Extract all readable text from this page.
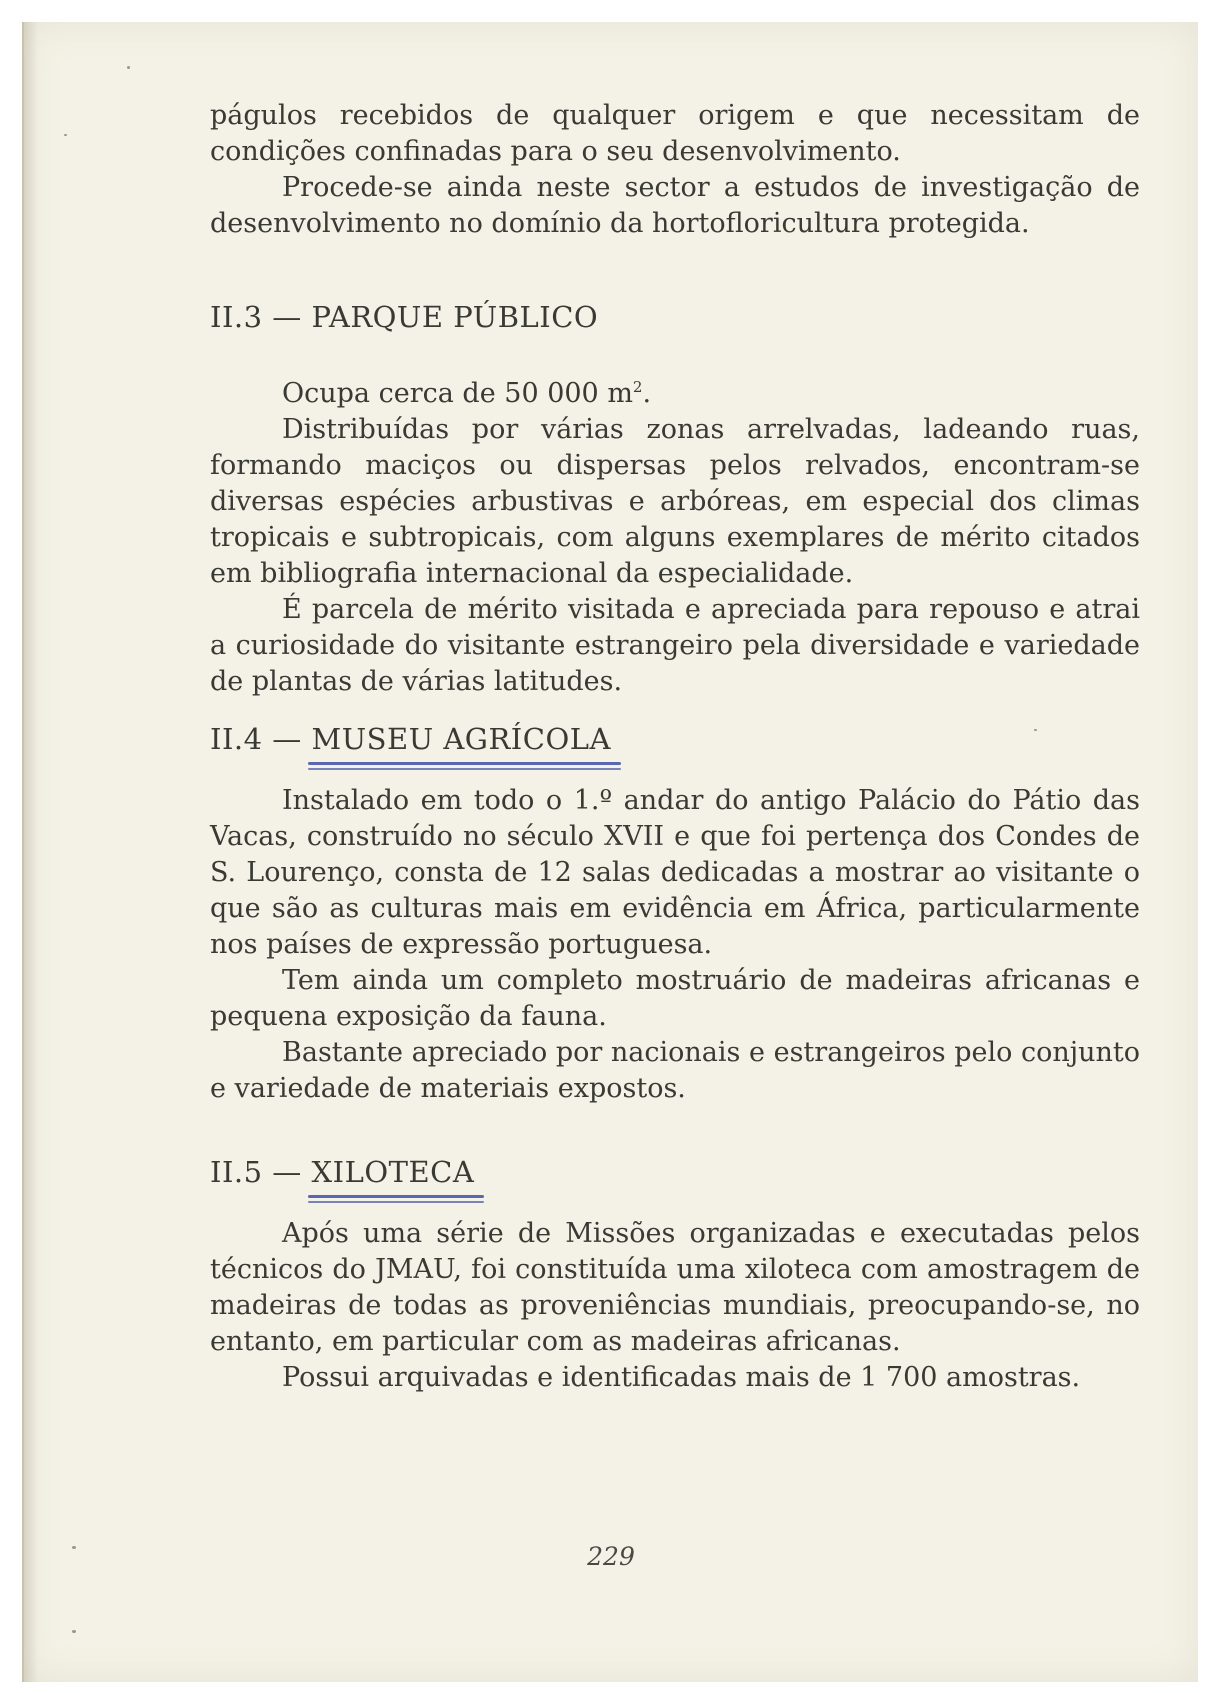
págulos recebidos de qualquer origem e que necessitam de condições confinadas para o seu desenvolvimento.

Procede-se ainda neste sector a estudos de investigação de desenvolvimento no domínio da hortofloricultura protegida.

II.3 — PARQUE PÚBLICO

Ocupa cerca de 50 000 $m^2$.

Distribuídas por várias zonas arrelvadas, ladeando ruas, formando maciços ou dispersas pelos relvados, encontram-se diversas espécies arbustivas e arbóreas, em especial dos climas tropicais e subtropicais, com alguns exemplares de mérito citados em bibliografia internacional da especialidade.

É parcela de mérito visitada e apreciada para repouso e atrai a curiosidade do visitante estrangeiro pela diversidade e variedade de plantas de várias latitudes.

II.4 — MUSEU AGRÍCOLA

Instalado em todo o 1.º andar do antigo Palácio do Pátio das Vacas, construído no século XVII e que foi pertença dos Condes de S. Lourenço, consta de 12 salas dedicadas a mostrar ao visitante o que são as culturas mais em evidência em África, particularmente nos países de expressão portuguesa.

Tem ainda um completo mostruário de madeiras africanas e pequena exposição da fauna.

Bastante apreciado por nacionais e estrangeiros pelo conjunto e variedade de materiais expostos.

II.5 — XILOTECA

Após uma série de Missões organizadas e executadas pelos técnicos do JMAU, foi constituída uma xiloteca com amostragem de madeiras de todas as proveniências mundiais, preocupando-se, no entanto, em particular com as madeiras africanas.

Possui arquivadas e identificadas mais de 1 700 amostras.

229
